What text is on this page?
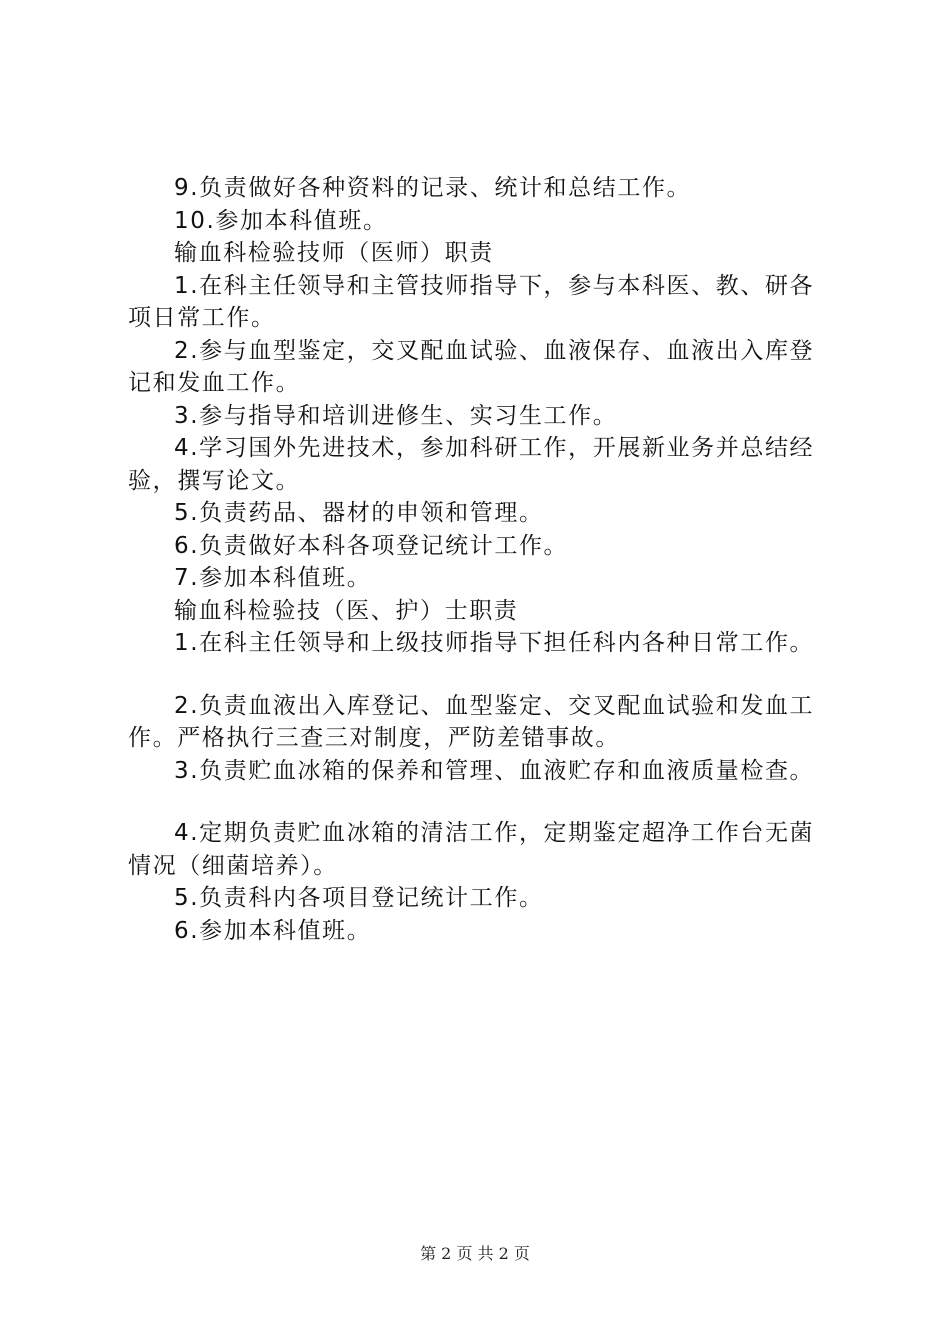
9.负责做好各种资料的记录、统计和总结工作。

10.参加本科值班。

输血科检验技师（医师）职责

1.在科主任领导和主管技师指导下，参与本科医、教、研各项日常工作。

2.参与血型鉴定，交叉配血试验、血液保存、血液出入库登记和发血工作。

3.参与指导和培训进修生、实习生工作。

4.学习国外先进技术，参加科研工作，开展新业务并总结经验，撰写论文。

5.负责药品、器材的申领和管理。

6.负责做好本科各项登记统计工作。

7.参加本科值班。

输血科检验技（医、护）士职责

1.在科主任领导和上级技师指导下担任科内各种日常工作。

2.负责血液出入库登记、血型鉴定、交叉配血试验和发血工作。严格执行三查三对制度，严防差错事故。

3.负责贮血冰箱的保养和管理、血液贮存和血液质量检查。

4.定期负责贮血冰箱的清洁工作，定期鉴定超净工作台无菌情况（细菌培养）。

5.负责科内各项目登记统计工作。

6.参加本科值班。

第 2 页 共 2 页
